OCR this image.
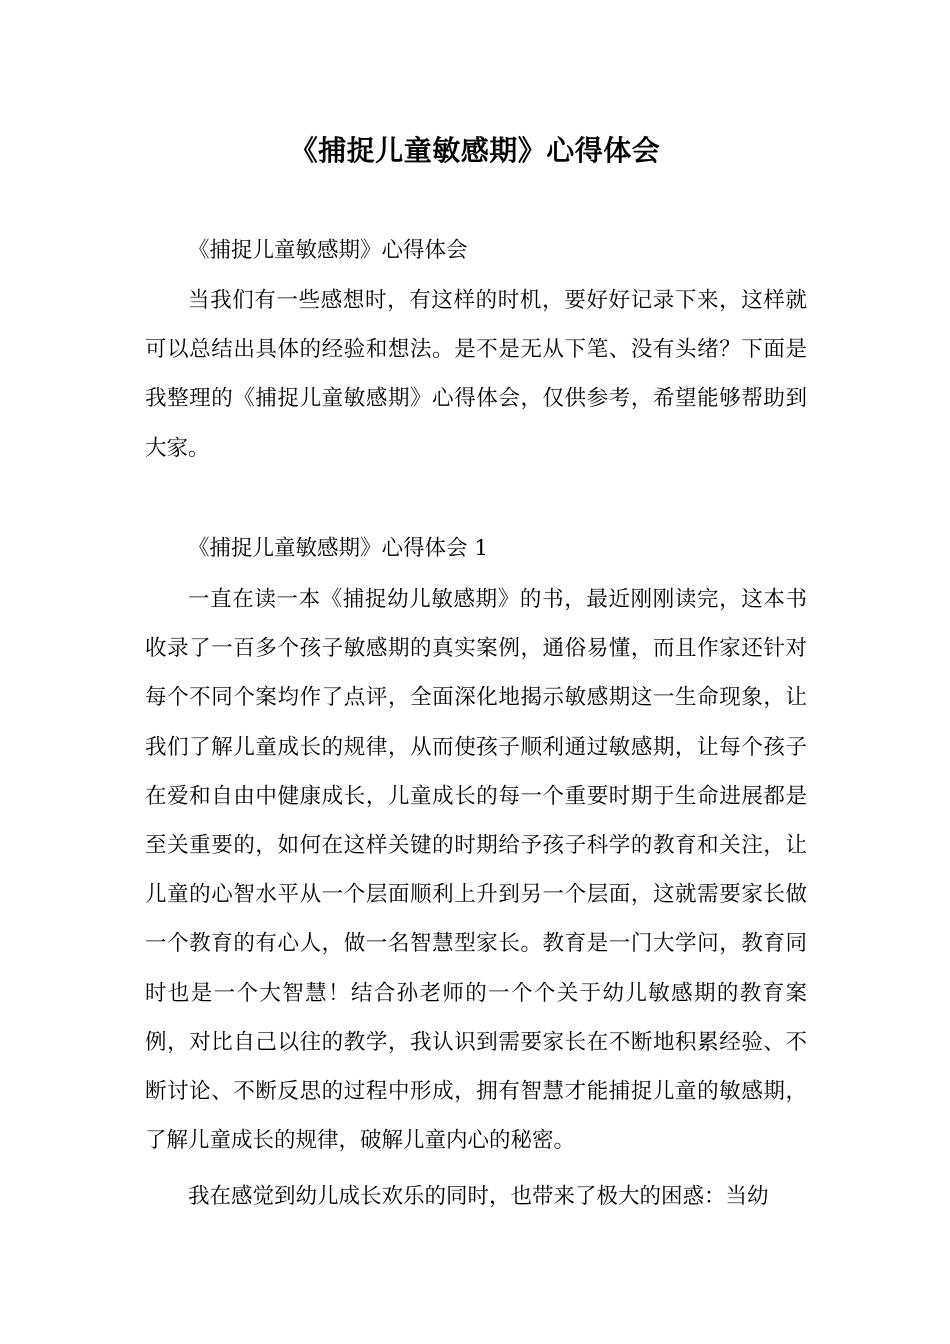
《捕捉儿童敏感期》心得体会

《捕捉儿童敏感期》心得体会

当我们有一些感想时，有这样的时机，要好好记录下来，这样就可以总结出具体的经验和想法。是不是无从下笔、没有头绪？下面是我整理的《捕捉儿童敏感期》心得体会，仅供参考，希望能够帮助到大家。

《捕捉儿童敏感期》心得体会 1

一直在读一本《捕捉幼儿敏感期》的书，最近刚刚读完，这本书收录了一百多个孩子敏感期的真实案例，通俗易懂，而且作家还针对每个不同个案均作了点评，全面深化地揭示敏感期这一生命现象，让我们了解儿童成长的规律，从而使孩子顺利通过敏感期，让每个孩子在爱和自由中健康成长，儿童成长的每一个重要时期于生命进展都是至关重要的，如何在这样关键的时期给予孩子科学的教育和关注，让儿童的心智水平从一个层面顺利上升到另一个层面，这就需要家长做一个教育的有心人，做一名智慧型家长。教育是一门大学问，教育同时也是一个大智慧！结合孙老师的一个个关于幼儿敏感期的教育案例，对比自己以往的教学，我认识到需要家长在不断地积累经验、不断讨论、不断反思的过程中形成，拥有智慧才能捕捉儿童的敏感期，了解儿童成长的规律，破解儿童内心的秘密。

我在感觉到幼儿成长欢乐的同时，也带来了极大的困惑：当幼
